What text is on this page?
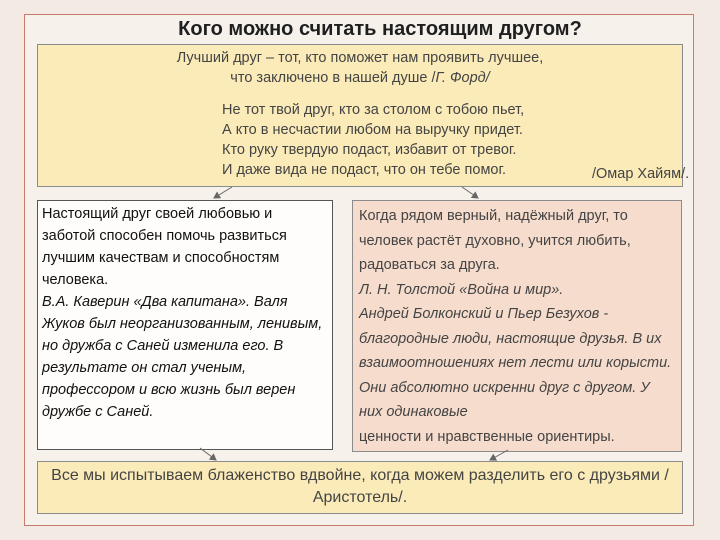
Кого можно считать настоящим другом?
Лучший друг – тот, кто поможет нам проявить лучшее,
что заключено в нашей душе /Г. Форд/
Не тот твой друг, кто за столом с тобою пьет,
А кто в несчастии любом на выручку придет.
Кто руку твердую подаст, избавит от тревог.
И даже вида не подаст, что он тебе помог.	/Омар Хайям/.
Настоящий друг своей любовью и заботой способен помочь развиться лучшим качествам и способностям человека.
В.А. Каверин «Два капитана». Валя Жуков был неорганизованным, ленивым, но дружба с Саней изменила его. В результате он стал ученым, профессором и всю жизнь был верен дружбе с Саней.
Когда рядом верный, надёжный друг, то человек растёт духовно, учится любить, радоваться за друга.
Л. Н. Толстой «Война и мир».
Андрей Болконский и Пьер Безухов - благородные люди, настоящие друзья. В их взаимоотношениях нет лести или корысти. Они абсолютно искренни друг с другом. У них одинаковые
ценности и нравственные ориентиры.
Все мы испытываем блаженство вдвойне, когда можем разделить его с друзьями /Аристотель/.
